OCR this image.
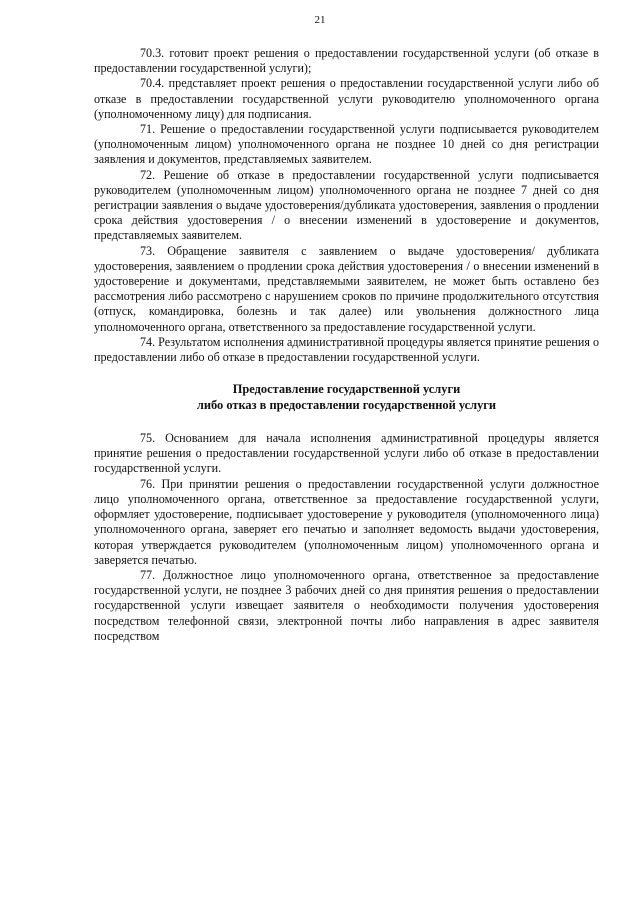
21

70.3. готовит проект решения о предоставлении государственной услуги (об отказе в предоставлении государственной услуги);

70.4. представляет проект решения о предоставлении государственной услуги либо об отказе в предоставлении государственной услуги руководителю уполномоченного органа (уполномоченному лицу) для подписания.

71. Решение о предоставлении государственной услуги подписывается руководителем (уполномоченным лицом) уполномоченного органа не позднее 10 дней со дня регистрации заявления и документов, представляемых заявителем.

72. Решение об отказе в предоставлении государственной услуги подписывается руководителем (уполномоченным лицом) уполномоченного органа не позднее 7 дней со дня регистрации заявления о выдаче удостоверения/дубликата удостоверения, заявления о продлении срока действия удостоверения / о внесении изменений в удостоверение и документов, представляемых заявителем.

73. Обращение заявителя с заявлением о выдаче удостоверения/ дубликата удостоверения, заявлением о продлении срока действия удостоверения / о внесении изменений в удостоверение и документами, представляемыми заявителем, не может быть оставлено без рассмотрения либо рассмотрено с нарушением сроков по причине продолжительного отсутствия (отпуск, командировка, болезнь и так далее) или увольнения должностного лица уполномоченного органа, ответственного за предоставление государственной услуги.

74. Результатом исполнения административной процедуры является принятие решения о предоставлении либо об отказе в предоставлении государственной услуги.

Предоставление государственной услуги
либо отказ в предоставлении государственной услуги

75. Основанием для начала исполнения административной процедуры является принятие решения о предоставлении государственной услуги либо об отказе в предоставлении государственной услуги.

76. При принятии решения о предоставлении государственной услуги должностное лицо уполномоченного органа, ответственное за предоставление государственной услуги, оформляет удостоверение, подписывает удостоверение у руководителя (уполномоченного лица) уполномоченного органа, заверяет его печатью и заполняет ведомость выдачи удостоверения, которая утверждается руководителем (уполномоченным лицом) уполномоченного органа и заверяется печатью.

77. Должностное лицо уполномоченного органа, ответственное за предоставление государственной услуги, не позднее 3 рабочих дней со дня принятия решения о предоставлении государственной услуги извещает заявителя о необходимости получения удостоверения посредством телефонной связи, электронной почты либо направления в адрес заявителя посредством
